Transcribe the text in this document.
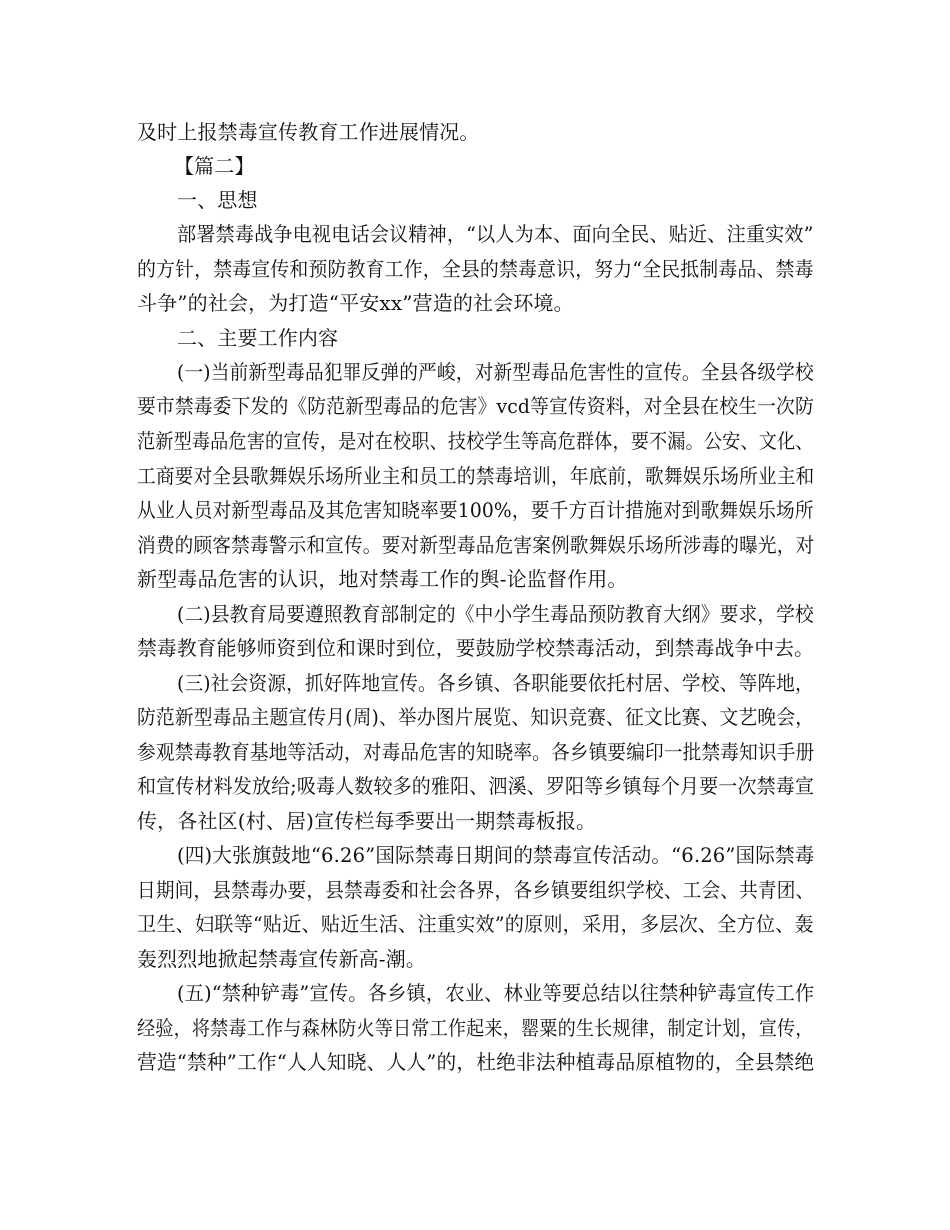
及时上报禁毒宣传教育工作进展情况。
【篇二】
一、思想
部署禁毒战争电视电话会议精神，“以人为本、面向全民、贴近、注重实效”
的方针，禁毒宣传和预防教育工作，全县的禁毒意识，努力“全民抵制毒品、禁毒
斗争”的社会，为打造“平安xx”营造的社会环境。
二、主要工作内容
(一)当前新型毒品犯罪反弹的严峻，对新型毒品危害性的宣传。全县各级学校
要市禁毒委下发的《防范新型毒品的危害》vcd等宣传资料，对全县在校生一次防
范新型毒品危害的宣传，是对在校职、技校学生等高危群体，要不漏。公安、文化、
工商要对全县歌舞娱乐场所业主和员工的禁毒培训，年底前，歌舞娱乐场所业主和
从业人员对新型毒品及其危害知晓率要100%，要千方百计措施对到歌舞娱乐场所
消费的顾客禁毒警示和宣传。要对新型毒品危害案例歌舞娱乐场所涉毒的曝光，对
新型毒品危害的认识，地对禁毒工作的舆-论监督作用。
(二)县教育局要遵照教育部制定的《中小学生毒品预防教育大纲》要求，学校
禁毒教育能够师资到位和课时到位，要鼓励学校禁毒活动，到禁毒战争中去。
(三)社会资源，抓好阵地宣传。各乡镇、各职能要依托村居、学校、等阵地，
防范新型毒品主题宣传月(周)、举办图片展览、知识竞赛、征文比赛、文艺晚会，
参观禁毒教育基地等活动，对毒品危害的知晓率。各乡镇要编印一批禁毒知识手册
和宣传材料发放给;吸毒人数较多的雅阳、泗溪、罗阳等乡镇每个月要一次禁毒宣
传，各社区(村、居)宣传栏每季要出一期禁毒板报。
(四)大张旗鼓地“6.26”国际禁毒日期间的禁毒宣传活动。“6.26”国际禁毒
日期间，县禁毒办要，县禁毒委和社会各界，各乡镇要组织学校、工会、共青团、
卫生、妇联等“贴近、贴近生活、注重实效”的原则，采用，多层次、全方位、轰
轰烈烈地掀起禁毒宣传新高-潮。
(五)“禁种铲毒”宣传。各乡镇，农业、林业等要总结以往禁种铲毒宣传工作
经验，将禁毒工作与森林防火等日常工作起来，罂粟的生长规律，制定计划，宣传，
营造“禁种”工作“人人知晓、人人”的，杜绝非法种植毒品原植物的，全县禁绝
